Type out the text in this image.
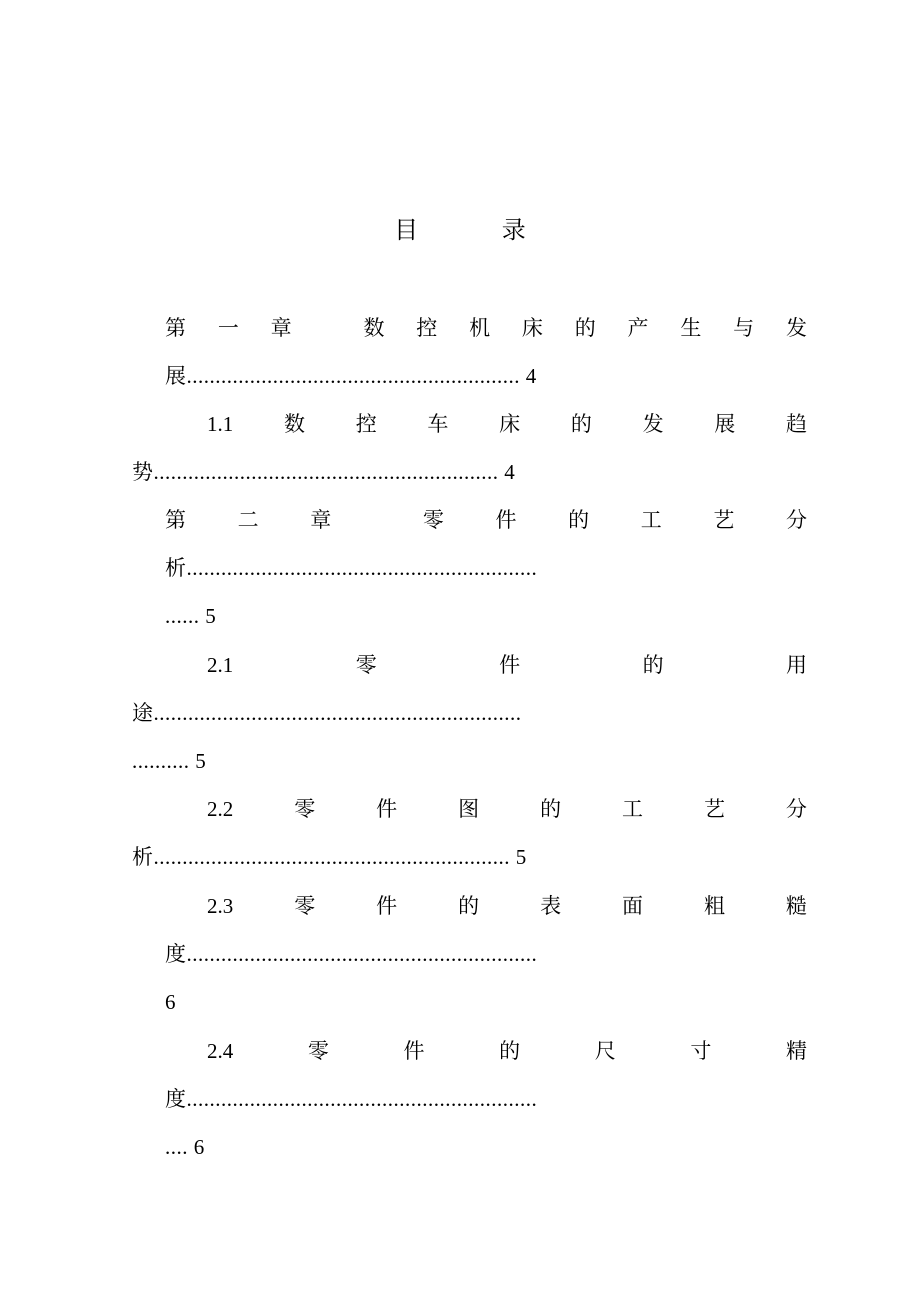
目 录
第 一 章	数 控 机 床 的 产 生 与 发
展.......................................................... 4
1.1 数 控 车 床 的 发 展 趋
势............................................................ 4
第 二 章	零 件 的 工 艺 分
析.............................................................
...... 5
2.1	零	件	的	用
途................................................................
.......... 5
2.2	零	件	图	的	工	艺	分
析.............................................................. 5
2.3	零	件	的	表	面	粗	糙
度.............................................................
6
2.4	零	件	的	尺	寸	精
度.............................................................
.... 6
